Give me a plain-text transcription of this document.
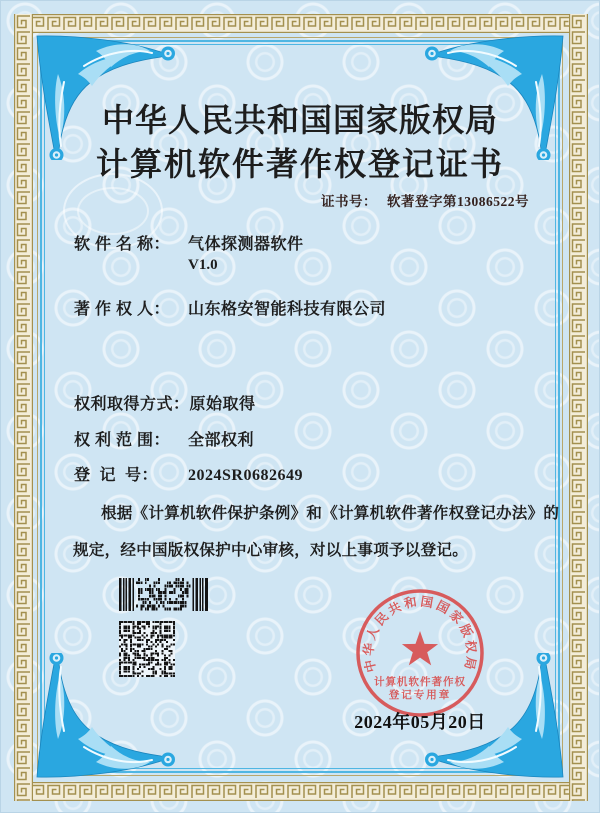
中华人民共和国国家版权局
计算机软件著作权登记证书
证书号： 软著登字第13086522号
软 件 名 称： 气体探测器软件
V1.0
著 作 权 人： 山东格安智能科技有限公司
权利取得方式：原始取得
权 利 范 围： 全部权利
登  记  号： 2024SR0682649
根据《计算机软件保护条例》和《计算机软件著作权登记办法》的
规定，经中国版权保护中心审核，对以上事项予以登记。
中华人民共和国国家版权局
计算机软件著作权
登记专用章
2024年05月20日
